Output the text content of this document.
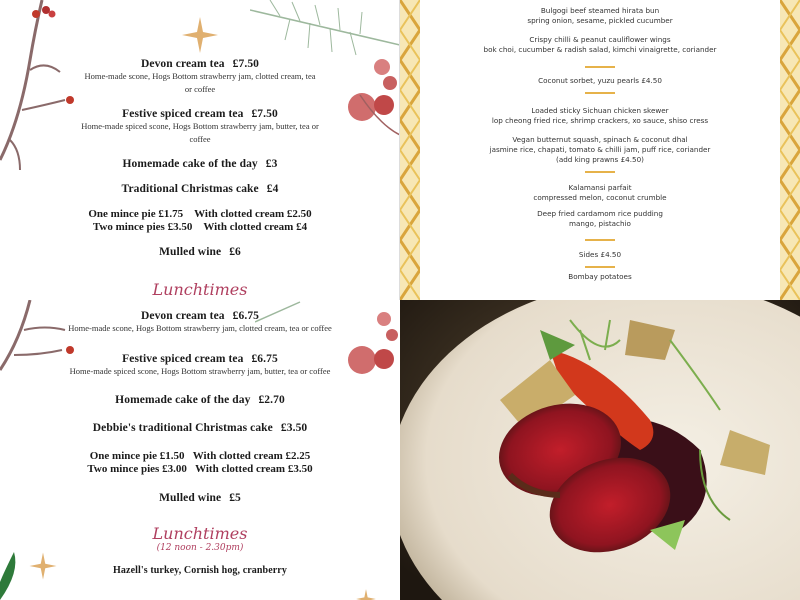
Devon cream tea £7.50
Home-made scone, Hogs Bottom strawberry jam, clotted cream, tea or coffee
Festive spiced cream tea £7.50
Home-made spiced scone, Hogs Bottom strawberry jam, butter, tea or coffee
Homemade cake of the day £3
Traditional Christmas cake £4
One mince pie £1.75 With clotted cream £2.50
Two mince pies £3.50 With clotted cream £4
Mulled wine £6
Lunchtimes
Bulgogi beef steamed hirata bun
spring onion, sesame, pickled cucumber
Crispy chilli & peanut cauliflower wings
bok choi, cucumber & radish salad, kimchi vinaigrette, coriander
Coconut sorbet, yuzu pearls £4.50
Loaded sticky Sichuan chicken skewer
lop cheong fried rice, shrimp crackers, xo sauce, shiso cress
Vegan butternut squash, spinach & coconut dhal
jasmine rice, chapati, tomato & chilli jam, puff rice, coriander
(add king prawns £4.50)
Kalamansi parfait
compressed melon, coconut crumble
Deep fried cardamom rice pudding
mango, pistachio
Sides £4.50
Bombay potatoes
Devon cream tea £6.75
Home-made scone, Hogs Bottom strawberry jam, clotted cream, tea or coffee
Festive spiced cream tea £6.75
Home-made spiced scone, Hogs Bottom strawberry jam, butter, tea or coffee
Homemade cake of the day £2.70
Debbie's traditional Christmas cake £3.50
One mince pie £1.50 With clotted cream £2.25
Two mince pies £3.00 With clotted cream £3.50
Mulled wine £5
Lunchtimes
(12 noon - 2.30pm)
Hazell's turkey, Cornish hog, cranberry
